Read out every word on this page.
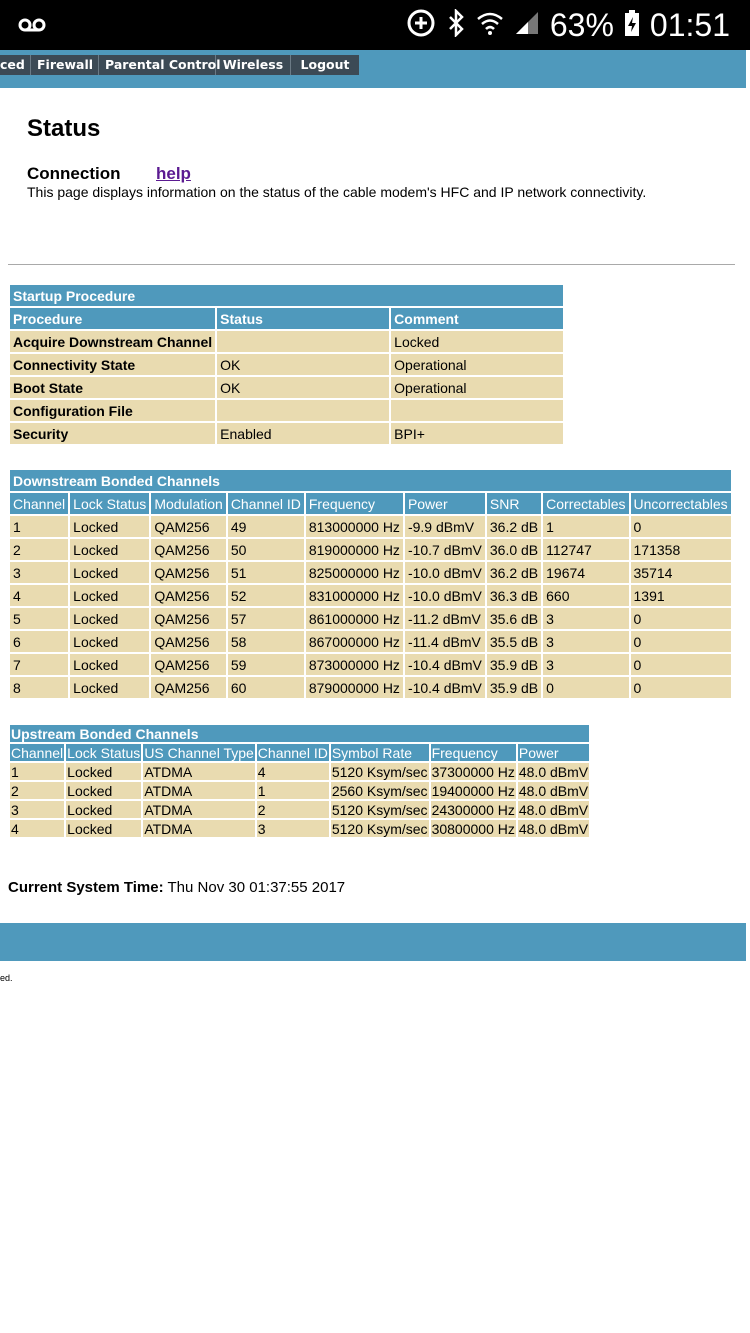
63% 01:51
ced Firewall Parental Control Wireless	Logout
Status
Connection help
This page displays information on the status of the cable modem's HFC and IP network connectivity.
Startup Procedure		
Procedure	Status	Comment
Acquire Downstream Channel		Locked
Connectivity State	OK	Operational
Boot State	OK	Operational
Configuration File		
Security	Enabled	BPI+
Downstream Bonded Channels								
Channel	Lock Status	Modulation	Channel ID	Frequency	Power	SNR	Correctables	Uncorrectables
1	Locked	QAM256	49	813000000 Hz	-9.9 dBmV	36.2 dB	1	0
2	Locked	QAM256	50	819000000 Hz	-10.7 dBmV	36.0 dB	112747	171358
3	Locked	QAM256	51	825000000 Hz	-10.0 dBmV	36.2 dB	19674	35714
4	Locked	QAM256	52	831000000 Hz	-10.0 dBmV	36.3 dB	660	1391
5	Locked	QAM256	57	861000000 Hz	-11.2 dBmV	35.6 dB	3	0
6	Locked	QAM256	58	867000000 Hz	-11.4 dBmV	35.5 dB	3	0
7	Locked	QAM256	59	873000000 Hz	-10.4 dBmV	35.9 dB	3	0
8	Locked	QAM256	60	879000000 Hz	-10.4 dBmV	35.9 dB	0	0
Upstream Bonded Channels						
Channel	Lock Status	US Channel Type	Channel ID	Symbol Rate	Frequency	Power
1	Locked	ATDMA	4	5120 Ksym/sec	37300000 Hz	48.0 dBmV
2	Locked	ATDMA	1	2560 Ksym/sec	19400000 Hz	48.0 dBmV
3	Locked	ATDMA	2	5120 Ksym/sec	24300000 Hz	48.0 dBmV
4	Locked	ATDMA	3	5120 Ksym/sec	30800000 Hz	48.0 dBmV
Current System Time: Thu Nov 30 01:37:55 2017
ed.
